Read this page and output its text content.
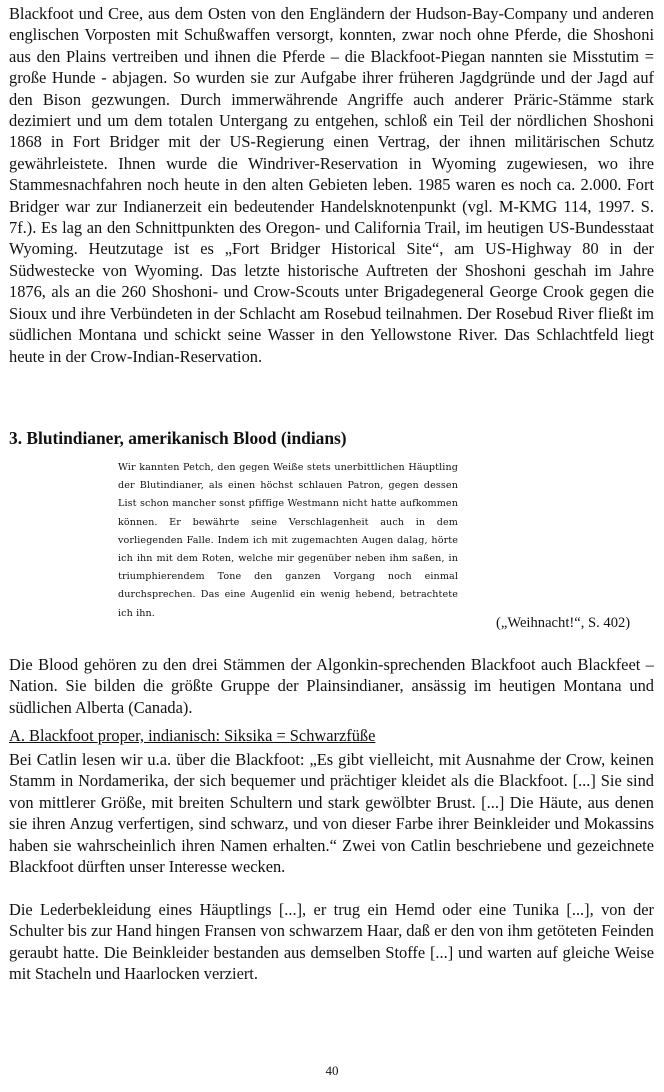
Blackfoot und Cree, aus dem Osten von den Engländern der Hudson-Bay-Company und anderen englischen Vorposten mit Schußwaffen versorgt, konnten, zwar noch ohne Pferde, die Shoshoni aus den Plains vertreiben und ihnen die Pferde – die Blackfoot-Piegan nannten sie Misstutim = große Hunde - abjagen. So wurden sie zur Aufgabe ihrer früheren Jagdgründe und der Jagd auf den Bison gezwungen. Durch immerwährende Angriffe auch anderer Präric-Stämme stark dezimiert und um dem totalen Untergang zu entgehen, schloß ein Teil der nördlichen Shoshoni 1868 in Fort Bridger mit der US-Regierung einen Vertrag, der ihnen militärischen Schutz gewährleistete. Ihnen wurde die Windriver-Reservation in Wyoming zugewiesen, wo ihre Stammesnachfahren noch heute in den alten Gebieten leben. 1985 waren es noch ca. 2.000. Fort Bridger war zur Indianerzeit ein bedeutender Handelsknotenpunkt (vgl. M-KMG 114, 1997. S. 7f.). Es lag an den Schnittpunkten des Oregon- und California Trail, im heutigen US-Bundesstaat Wyoming. Heutzutage ist es „Fort Bridger Historical Site“, am US-Highway 80 in der Südwestecke von Wyoming. Das letzte historische Auftreten der Shoshoni geschah im Jahre 1876, als an die 260 Shoshoni- und Crow-Scouts unter Brigadegeneral George Crook gegen die Sioux und ihre Verbündeten in der Schlacht am Rosebud teilnahmen. Der Rosebud River fließt im südlichen Montana und schickt seine Wasser in den Yellowstone River. Das Schlachtfeld liegt heute in der Crow-Indian-Reservation.

3. Blutindianer, amerikanisch Blood (indians)

Wir kannten Petch, den gegen Weiße stets unerbittlichen Häuptling der Blutindianer, als einen höchst schlauen Patron, gegen dessen List schon mancher sonst pfiffige Westmann nicht hatte aufkommen können. Er bewährte seine Verschlagenheit auch in dem vorliegenden Falle. Indem ich mit zugemachten Augen dalag, hörte ich ihn mit dem Roten, welche mir gegenüber neben ihm saßen, in triumphierendem Tone den ganzen Vorgang noch einmal durchsprechen. Das eine Augenlid ein wenig hebend, betrachtete ich ihn.

(„Weihnacht!“, S. 402)

Die Blood gehören zu den drei Stämmen der Algonkin-sprechenden Blackfoot auch Blackfeet – Nation. Sie bilden die größte Gruppe der Plainsindianer, ansässig im heutigen Montana und südlichen Alberta (Canada).

A. Blackfoot proper, indianisch: Siksika = Schwarzfüße

Bei Catlin lesen wir u.a. über die Blackfoot: „Es gibt vielleicht, mit Ausnahme der Crow, keinen Stamm in Nordamerika, der sich bequemer und prächtiger kleidet als die Blackfoot. [...] Sie sind von mittlerer Größe, mit breiten Schultern und stark gewölbter Brust. [...] Die Häute, aus denen sie ihren Anzug verfertigen, sind schwarz, und von dieser Farbe ihrer Beinkleider und Mokassins haben sie wahrscheinlich ihren Namen erhalten.“ Zwei von Catlin beschriebene und gezeichnete Blackfoot dürften unser Interesse wecken.

Die Lederbekleidung eines Häuptlings [...], er trug ein Hemd oder eine Tunika [...], von der Schulter bis zur Hand hingen Fransen von schwarzem Haar, daß er den von ihm getöteten Feinden geraubt hatte. Die Beinkleider bestanden aus demselben Stoffe [...] und warten auf gleiche Weise mit Stacheln und Haarlocken verziert.

40
